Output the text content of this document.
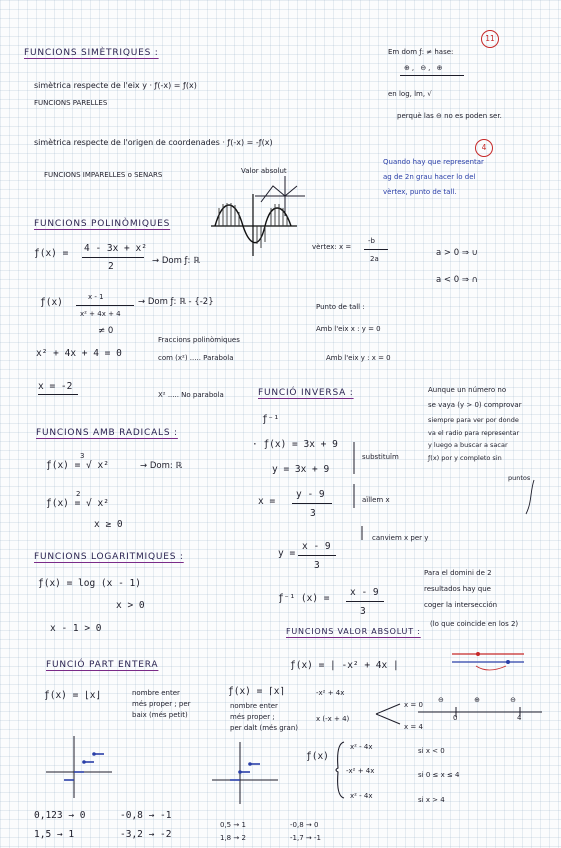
FUNCIONS SIMÈTRIQUES :
simètrica respecte de l'eix y · ƒ(-x) = ƒ(x)
FUNCIONS PARELLES
simètrica respecte de l'origen de coordenades · ƒ(-x) = -ƒ(x)
FUNCIONS IMPARELLES o SENARS	Valor absolut
11
Em dom ƒ: ≠ hase:
⊕, ⊖, ⊕
en log, lm, √
perquè las ⊖ no es poden ser.
4
Quando hay que representar
ag de 2n grau hacer lo del
vèrtex, punto de tall.
FUNCIONS POLINÒMIQUES
ƒ(x) = 4 - 3x + x²
2	→ Dom ƒ: ℝ
vèrtex: x =
-b
2a
a > 0 ⇒ ∪
a < 0 ⇒ ∩
ƒ(x)	x - 1
x² + 4x + 4
≠ 0
→ Dom ƒ: ℝ - {-2}	Punto de tall :
Amb l'eix x : y = 0
Amb l'eix y : x = 0
Fraccions polinòmiques
com (x²) ..... Parabola
x² + 4x + 4 = 0
x = -2
X² ..... No parabola	FUNCIÓ INVERSA :
ƒ⁻¹
· ƒ(x) = 3x + 9
y = 3x + 9
substituïm
x =
y - 9
3
aïllem x
canviem x per y
y =
x - 9
3
ƒ⁻¹ (x) =
x - 9
3
Aunque un número no
se vaya (y > 0) comprovar
siempre para ver por donde
va el radio para representar
y luego a buscar a sacar
ƒ(x) por y completo sin
puntos
FUNCIONS AMB RADICALS :
ƒ(x) = √ x²
3
→ Dom: ℝ
ƒ(x) = √ x²
2
x ≥ 0
FUNCIONS LOGARITMIQUES :
ƒ(x) = log (x - 1)
x > 0
x - 1 > 0
Para el domini de 2
resultados hay que
coger la intersección
(lo que coincide en los 2)
FUNCIONS VALOR ABSOLUT :
ƒ(x) = | -x² + 4x |
-x² + 4x
x (-x + 4)
x = 0
x = 4
⊖ ⊕ ⊖
0	4
ƒ(x)
x² - 4x	si x < 0
-x² + 4x	si 0 ≤ x ≤ 4
x² - 4x	si x > 4
FUNCIÓ PART ENTERA
ƒ(x) = ⌊x⌋	nombre enter
més proper ; per
baix (més petit)
ƒ(x) = ⌈x⌉
nombre enter
més proper ;
per dalt (més gran)
0,123 → 0
1,5 → 1
-0,8 → -1
-3,2 → -2
0,5 → 1
1,8 → 2
-0,8 → 0
-1,7 → -1
